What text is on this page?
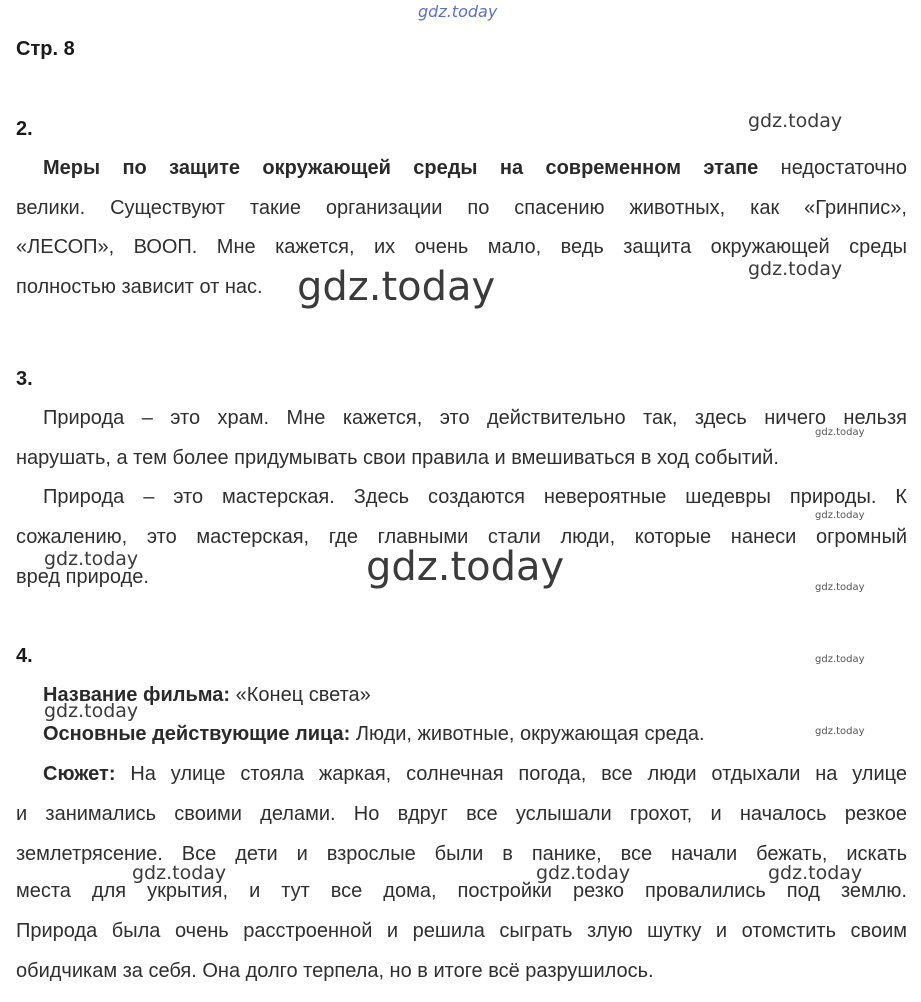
gdz.today
Стр. 8
2.	gdz.today
Меры по защите окружающей среды на современном этапе недостаточно
велики. Существуют такие организации по спасению животных, как «Гринпис»,
«ЛЕСОП», ВООП. Мне кажется, их очень мало, ведь защита окружающей среды
gdz.today
полностью зависит от нас. gdz.today
3.
Природа – это храм. Мне кажется, это действительно так, здесь ничего нельзя
gdz.today
нарушать, а тем более придумывать свои правила и вмешиваться в ход событий.
Природа – это мастерская. Здесь создаются невероятные шедевры природы. К
gdz.today
сожалению, это мастерская, где главными стали люди, которые нанеси огромный
gdz.today
вред природе.	gdz.today	gdz.today
4.	gdz.today
Название фильма: «Конец света»
gdz.today
Основные действующие лица: Люди, животные, окружающая среда.	gdz.today
Сюжет: На улице стояла жаркая, солнечная погода, все люди отдыхали на улице
и занимались своими делами. Но вдруг все услышали грохот, и началось резкое
землетрясение. Все дети и взрослые были в панике, все начали бежать, искать
gdz.today	gdz.today	gdz.today
места для укрытия, и тут все дома, постройки резко провалились под землю.
Природа была очень расстроенной и решила сыграть злую шутку и отомстить своим
обидчикам за себя. Она долго терпела, но в итоге всё разрушилось.
